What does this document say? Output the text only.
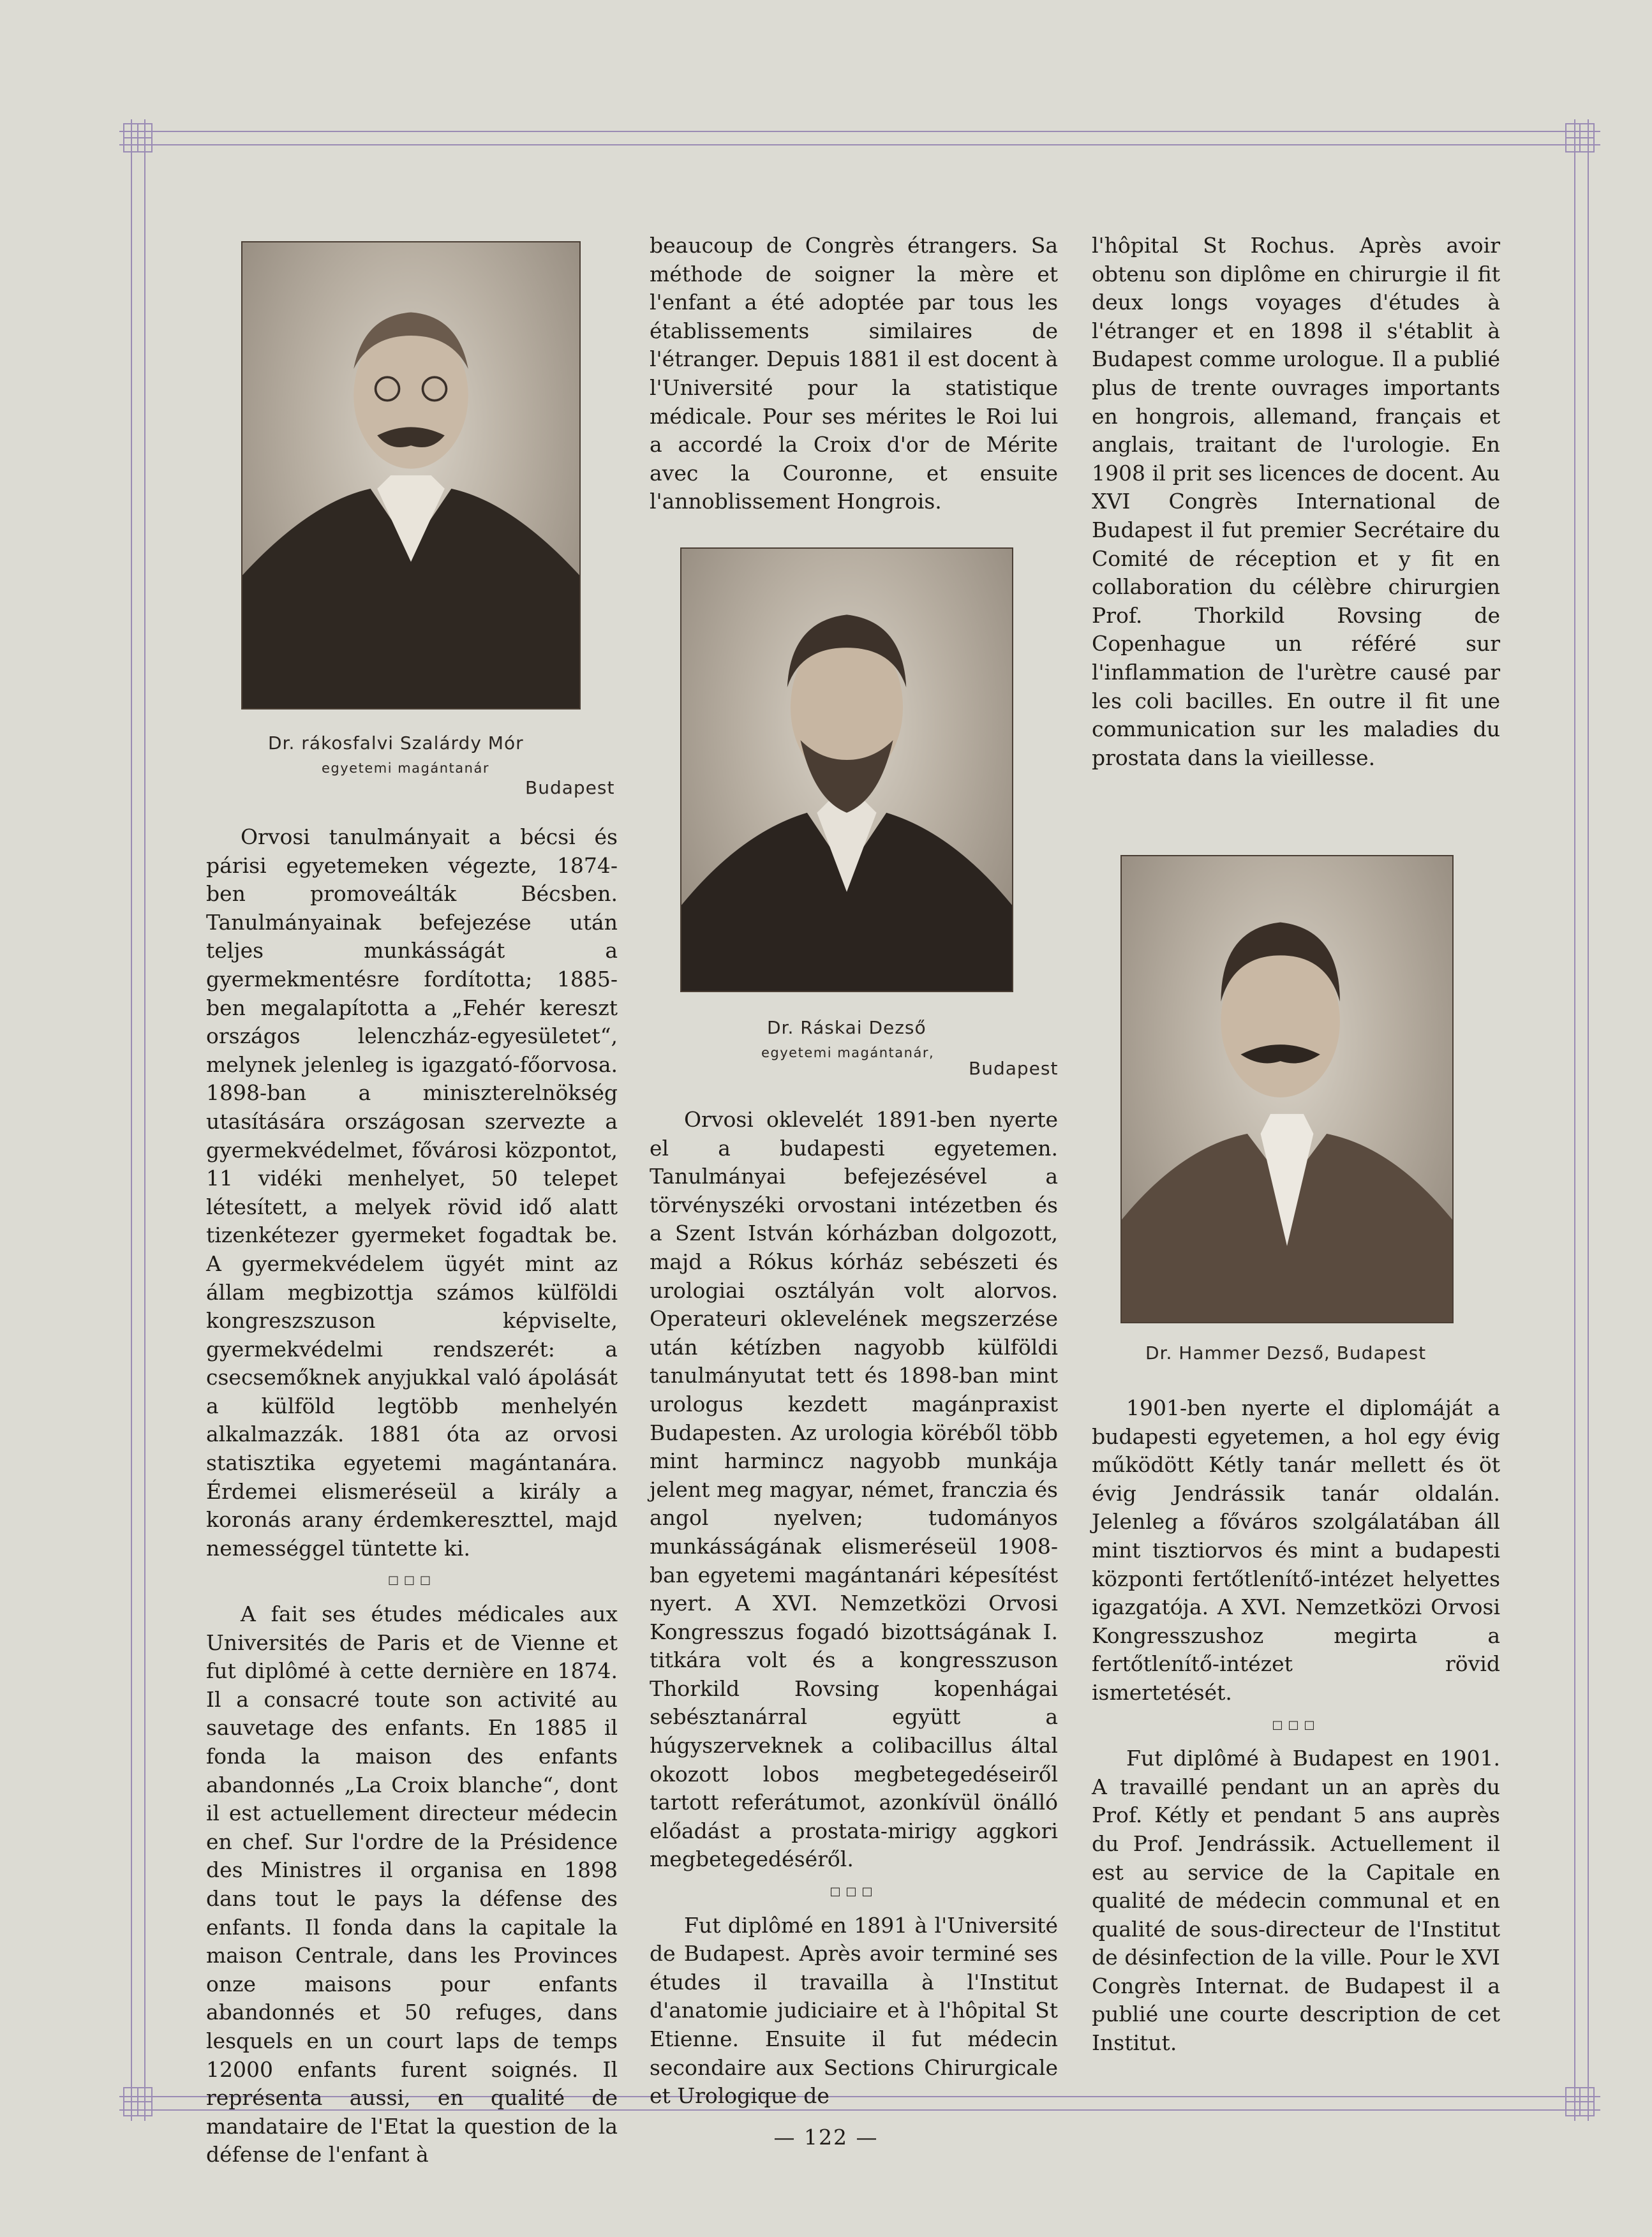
Dr. rákosfalvi Szalárdy Mór
egyetemi magántanár
Budapest
Dr. Ráskai Dezső
egyetemi magántanár,
Budapest
Dr. Hammer Dezső, Budapest

Orvosi tanulmányait a bécsi és párisi egyetemeken végezte, 1874-ben promoveálták Bécsben. Tanulmányainak befejezése után teljes munkásságát a gyermekmentésre fordította; 1885-ben megalapította a „Fehér kereszt országos lelenczház-egyesületet“, melynek jelenleg is igazgató-főorvosa. 1898-ban a miniszterelnökség utasítására országosan szervezte a gyermekvédelmet, fővárosi központot, 11 vidéki menhelyet, 50 telepet létesített, a melyek rövid idő alatt tizenkétezer gyermeket fogadtak be. A gyermekvédelem ügyét mint az állam megbizottja számos külföldi kongreszszuson képviselte, gyermekvédelmi rendszerét: a csecsemőknek anyjukkal való ápolását a külföld legtöbb menhelyén alkalmazzák. 1881 óta az orvosi statisztika egyetemi magántanára. Érdemei elismeréseül a király a koronás arany érdemkereszttel, majd nemességgel tüntette ki.

□□□

A fait ses études médicales aux Universités de Paris et de Vienne et fut diplômé à cette dernière en 1874. Il a consacré toute son activité au sauvetage des enfants. En 1885 il fonda la maison des enfants abandonnés „La Croix blanche“, dont il est actuellement directeur médecin en chef. Sur l'ordre de la Présidence des Ministres il organisa en 1898 dans tout le pays la défense des enfants. Il fonda dans la capitale la maison Centrale, dans les Provinces onze maisons pour enfants abandonnés et 50 refuges, dans lesquels en un court laps de temps 12000 enfants furent soignés. Il représenta aussi, en qualité de mandataire de l'Etat la question de la défense de l'enfant à

beaucoup de Congrès étrangers. Sa méthode de soigner la mère et l'enfant a été adoptée par tous les établissements similaires de l'étranger. Depuis 1881 il est docent à l'Université pour la statistique médicale. Pour ses mérites le Roi lui a accordé la Croix d'or de Mérite avec la Couronne, et ensuite l'annoblissement Hongrois.

Orvosi oklevelét 1891-ben nyerte el a budapesti egyetemen. Tanulmányai befejezésével a törvényszéki orvostani intézetben és a Szent István kórházban dolgozott, majd a Rókus kórház sebészeti és urologiai osztályán volt alorvos. Operateuri oklevelének megszerzése után kétízben nagyobb külföldi tanulmányutat tett és 1898-ban mint urologus kezdett magánpraxist Budapesten. Az urologia köréből több mint harmincz nagyobb munkája jelent meg magyar, német, franczia és angol nyelven; tudományos munkásságának elismeréseül 1908-ban egyetemi magántanári képesítést nyert. A XVI. Nemzetközi Orvosi Kongresszus fogadó bizottságának I. titkára volt és a kongresszuson Thorkild Rovsing kopenhágai sebésztanárral együtt a húgyszerveknek a colibacillus által okozott lobos megbetegedéseiről tartott referátumot, azonkívül önálló előadást a prostata-mirigy aggkori megbetegedéséről.

□□□

Fut diplômé en 1891 à l'Université de Budapest. Après avoir terminé ses études il travailla à l'Institut d'anatomie judiciaire et à l'hôpital St Etienne. Ensuite il fut médecin secondaire aux Sections Chirurgicale et Urologique de

l'hôpital St Rochus. Après avoir obtenu son diplôme en chirurgie il fit deux longs voyages d'études à l'étranger et en 1898 il s'établit à Budapest comme urologue. Il a publié plus de trente ouvrages importants en hongrois, allemand, français et anglais, traitant de l'urologie. En 1908 il prit ses licences de docent. Au XVI Congrès International de Budapest il fut premier Secrétaire du Comité de réception et y fit en collaboration du célèbre chirurgien Prof. Thorkild Rovsing de Copenhague un référé sur l'inflammation de l'urètre causé par les coli bacilles. En outre il fit une communication sur les maladies du prostata dans la vieillesse.

1901-ben nyerte el diplomáját a budapesti egyetemen, a hol egy évig működött Kétly tanár mellett és öt évig Jendrássik tanár oldalán. Jelenleg a főváros szolgálatában áll mint tisztiorvos és mint a budapesti központi fertőtlenítő-intézet helyettes igazgatója. A XVI. Nemzetközi Orvosi Kongresszushoz megirta a fertőtlenítő-intézet rövid ismertetését.

□□□

Fut diplômé à Budapest en 1901. A travaillé pendant un an après du Prof. Kétly et pendant 5 ans auprès du Prof. Jendrássik. Actuellement il est au service de la Capitale en qualité de médecin communal et en qualité de sous-directeur de l'Institut de désinfection de la ville. Pour le XVI Congrès Internat. de Budapest il a publié une courte description de cet Institut.

— 122 —
